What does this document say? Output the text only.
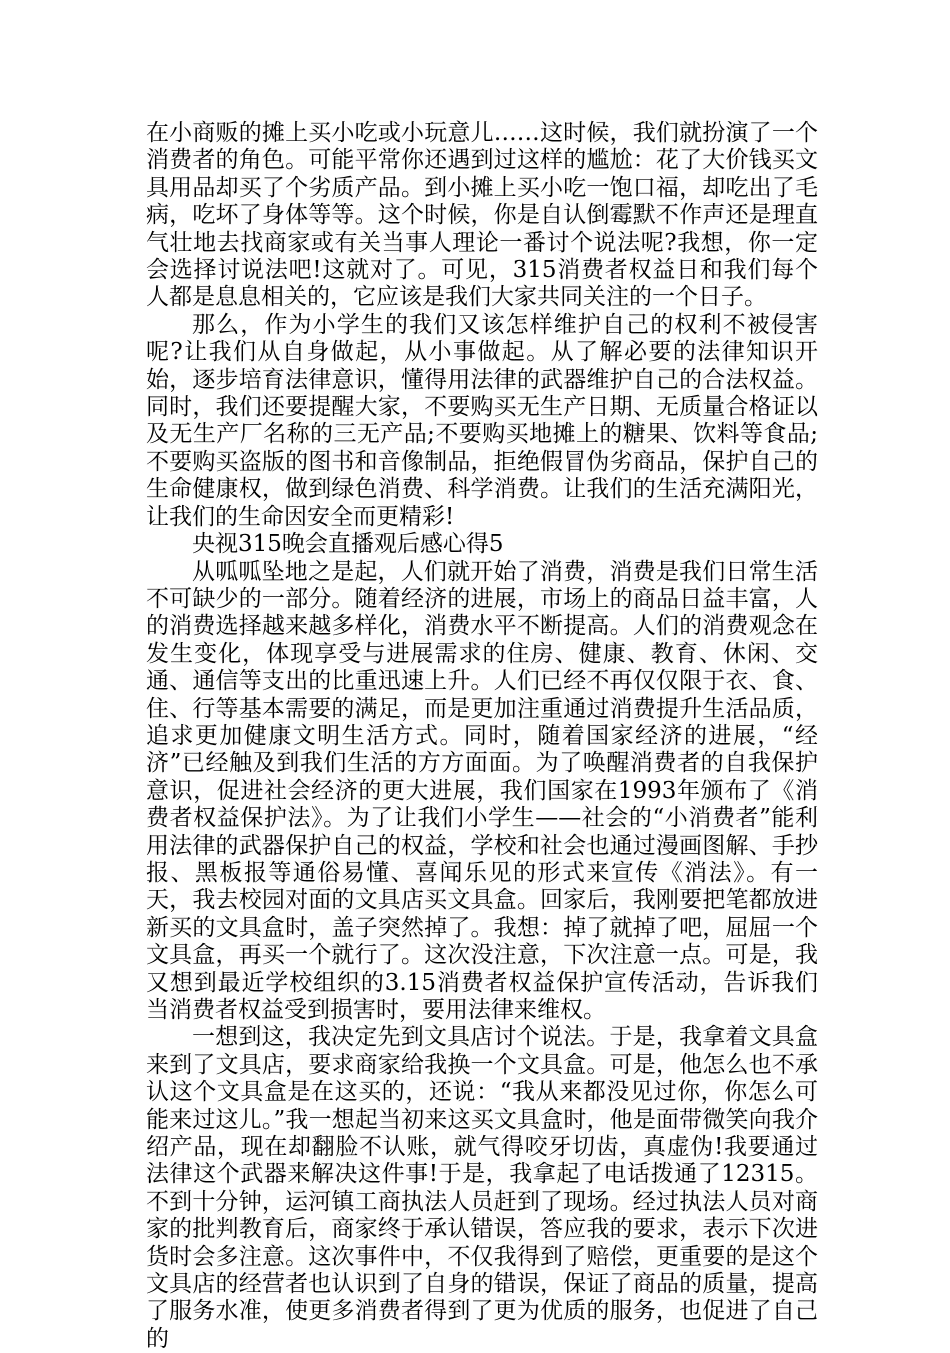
在小商贩的摊上买小吃或小玩意儿……这时候，我们就扮演了一个消费者的角色。可能平常你还遇到过这样的尴尬：花了大价钱买文具用品却买了个劣质产品。到小摊上买小吃一饱口福，却吃出了毛病，吃坏了身体等等。这个时候，你是自认倒霉默不作声还是理直气壮地去找商家或有关当事人理论一番讨个说法呢?我想，你一定会选择讨说法吧!这就对了。可见，315消费者权益日和我们每个人都是息息相关的，它应该是我们大家共同关注的一个日子。

那么，作为小学生的我们又该怎样维护自己的权利不被侵害呢?让我们从自身做起，从小事做起。从了解必要的法律知识开始，逐步培育法律意识，懂得用法律的武器维护自己的合法权益。同时，我们还要提醒大家，不要购买无生产日期、无质量合格证以及无生产厂名称的三无产品;不要购买地摊上的糖果、饮料等食品;不要购买盗版的图书和音像制品，拒绝假冒伪劣商品，保护自己的生命健康权，做到绿色消费、科学消费。让我们的生活充满阳光，让我们的生命因安全而更精彩!

央视315晚会直播观后感心得5

从呱呱坠地之是起，人们就开始了消费，消费是我们日常生活不可缺少的一部分。随着经济的进展，市场上的商品日益丰富，人的消费选择越来越多样化，消费水平不断提高。人们的消费观念在发生变化，体现享受与进展需求的住房、健康、教育、休闲、交通、通信等支出的比重迅速上升。人们已经不再仅仅限于衣、食、住、行等基本需要的满足，而是更加注重通过消费提升生活品质，追求更加健康文明生活方式。同时，随着国家经济的进展，“经济”已经触及到我们生活的方方面面。为了唤醒消费者的自我保护意识，促进社会经济的更大进展，我们国家在1993年颁布了《消费者权益保护法》。为了让我们小学生——社会的“小消费者”能利用法律的武器保护自己的权益，学校和社会也通过漫画图解、手抄报、黑板报等通俗易懂、喜闻乐见的形式来宣传《消法》。有一天，我去校园对面的文具店买文具盒。回家后，我刚要把笔都放进新买的文具盒时，盖子突然掉了。我想：掉了就掉了吧，屈屈一个文具盒，再买一个就行了。这次没注意，下次注意一点。可是，我又想到最近学校组织的3.15消费者权益保护宣传活动，告诉我们当消费者权益受到损害时，要用法律来维权。

一想到这，我决定先到文具店讨个说法。于是，我拿着文具盒来到了文具店，要求商家给我换一个文具盒。可是，他怎么也不承认这个文具盒是在这买的，还说：“我从来都没见过你，你怎么可能来过这儿。”我一想起当初来这买文具盒时，他是面带微笑向我介绍产品，现在却翻脸不认账，就气得咬牙切齿，真虚伪!我要通过法律这个武器来解决这件事!于是，我拿起了电话拨通了12315。不到十分钟，运河镇工商执法人员赶到了现场。经过执法人员对商家的批判教育后，商家终于承认错误，答应我的要求，表示下次进货时会多注意。这次事件中，不仅我得到了赔偿，更重要的是这个文具店的经营者也认识到了自身的错误，保证了商品的质量，提高了服务水准，使更多消费者得到了更为优质的服务，也促进了自己的
